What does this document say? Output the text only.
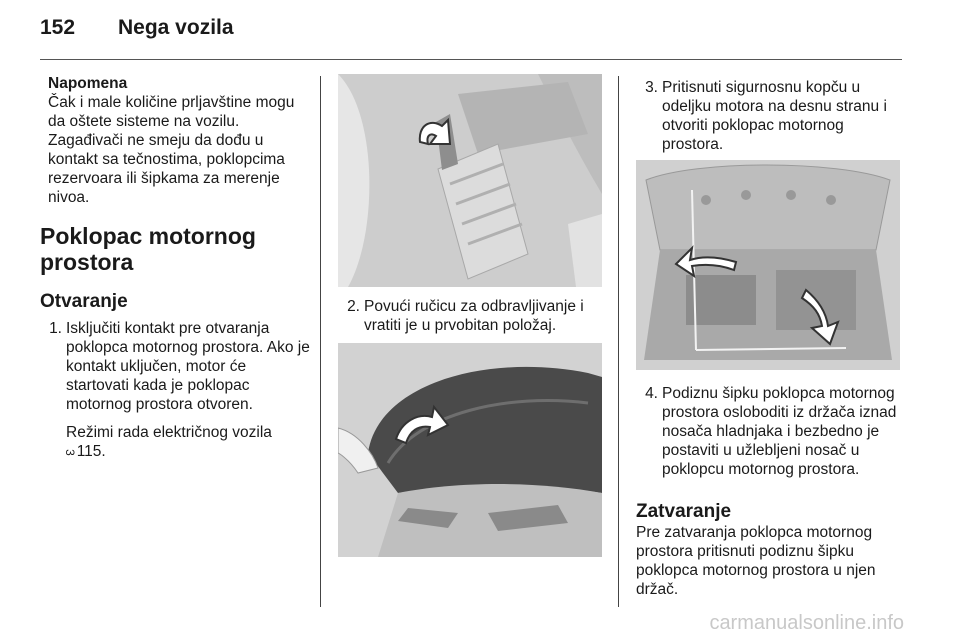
152 Nega vozila
Napomena
Čak i male količine prljavštine mogu da oštete sisteme na vozilu. Zagađivači ne smeju da dođu u kontakt sa tečnostima, poklopcima rezervoara ili šipkama za merenje nivoa.
Poklopac motornog prostora
Otvaranje
1. Isključiti kontakt pre otvaranja poklopca motornog prostora. Ako je kontakt uključen, motor će startovati kada je poklopac motornog prostora otvoren.
Režimi rada električnog vozila
3115.
2. Povući ručicu za odbravljivanje i vratiti je u prvobitan položaj.
3. Pritisnuti sigurnosnu kopču u odeljku motora na desnu stranu i otvoriti poklopac motornog prostora.
4. Podiznu šipku poklopca motornog prostora osloboditi iz držača iznad nosača hladnjaka i bezbedno je postaviti u užlebljeni nosač u poklopcu motornog prostora.
Zatvaranje
Pre zatvaranja poklopca motornog prostora pritisnuti podiznu šipku poklopca motornog prostora u njen držač.
carmanualsonline.info
